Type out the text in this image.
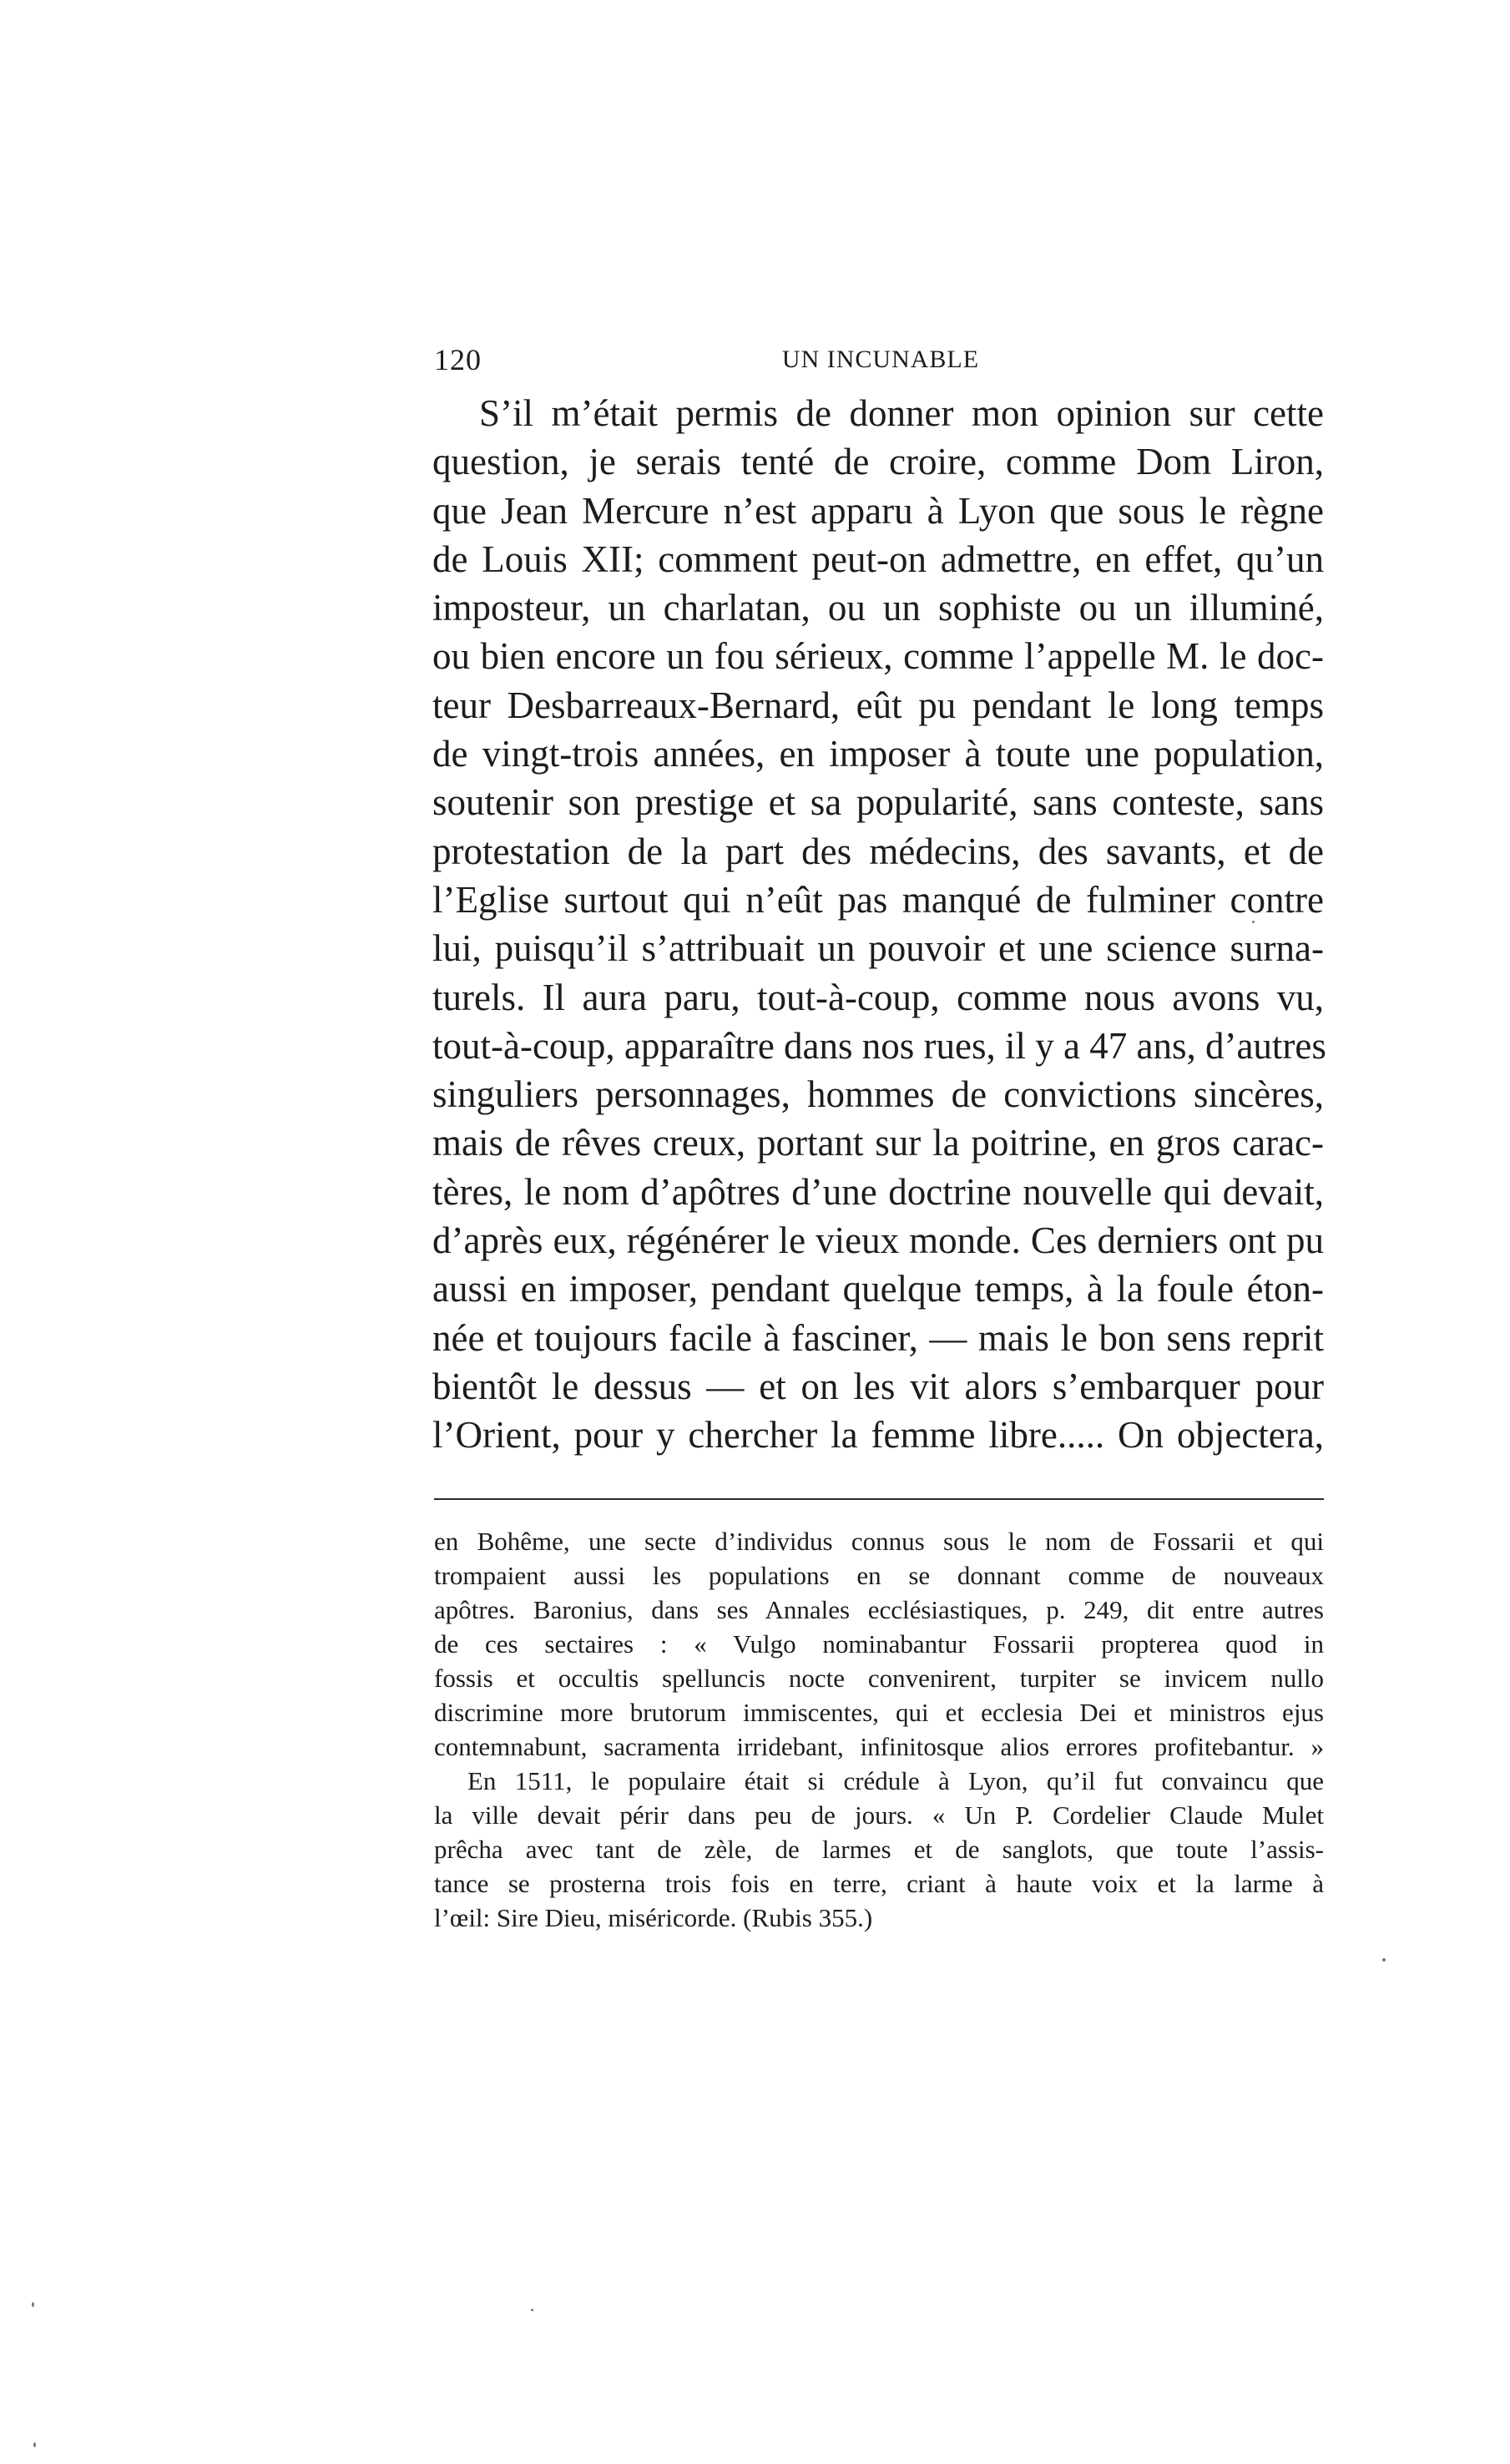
120	UN INCUNABLE
S’il m’était permis de donner mon opinion sur cette
question, je serais tenté de croire, comme Dom Liron,
que Jean Mercure n’est apparu à Lyon que sous le règne
de Louis XII; comment peut-on admettre, en effet, qu’un
imposteur, un charlatan, ou un sophiste ou un illuminé,
ou bien encore un fou sérieux, comme l’appelle M. le doc-
teur Desbarreaux-Bernard, eût pu pendant le long temps
de vingt-trois années, en imposer à toute une population,
soutenir son prestige et sa popularité, sans conteste, sans
protestation de la part des médecins, des savants, et de
l’Eglise surtout qui n’eût pas manqué de fulminer contre
lui, puisqu’il s’attribuait un pouvoir et une science surna-
turels. Il aura paru, tout-à-coup, comme nous avons vu,
tout-à-coup, apparaître dans nos rues, il y a 47 ans, d’autres
singuliers personnages, hommes de convictions sincères,
mais de rêves creux, portant sur la poitrine, en gros carac-
tères, le nom d’apôtres d’une doctrine nouvelle qui devait,
d’après eux, régénérer le vieux monde. Ces derniers ont pu
aussi en imposer, pendant quelque temps, à la foule éton-
née et toujours facile à fasciner, — mais le bon sens reprit
bientôt le dessus — et on les vit alors s’embarquer pour
l’Orient, pour y chercher la femme libre..... On objectera,
en Bohême, une secte d’individus connus sous le nom de Fossarii et qui
trompaient aussi les populations en se donnant comme de nouveaux
apôtres. Baronius, dans ses Annales ecclésiastiques, p. 249, dit entre autres
de ces sectaires : « Vulgo nominabantur Fossarii propterea quod in
fossis et occultis spelluncis nocte convenirent, turpiter se invicem nullo
discrimine more brutorum immiscentes, qui et ecclesia Dei et ministros ejus
contemnabunt, sacramenta irridebant, infinitosque alios errores profitebantur. »
En 1511, le populaire était si crédule à Lyon, qu’il fut convaincu que
la ville devait périr dans peu de jours. « Un P. Cordelier Claude Mulet
prêcha avec tant de zèle, de larmes et de sanglots, que toute l’assis-
tance se prosterna trois fois en terre, criant à haute voix et la larme à
l’œil: Sire Dieu, miséricorde. (Rubis 355.)
